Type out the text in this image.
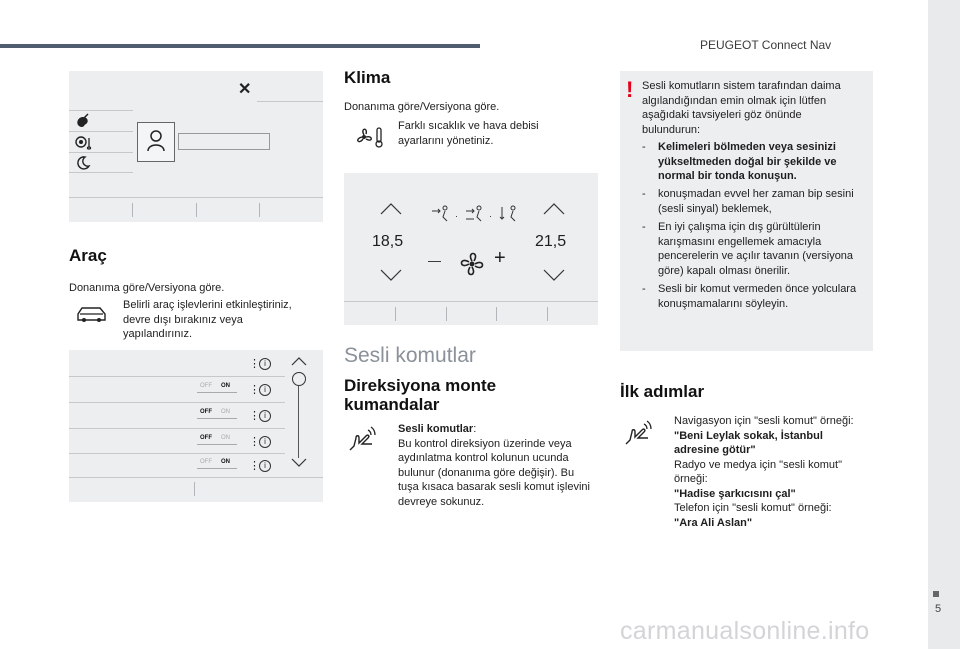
PEUGEOT Connect Nav
5
✕
Araç
Donanıma göre/Versiyona göre.
Belirli araç işlevlerini etkinleştiriniz, devre dışı bırakınız veya yapılandırınız.
⋮ i
OFF ON ⋮ i
OFF ON ⋮ i
OFF ON ⋮ i
OFF ON ⋮ i
Klima
Donanıma göre/Versiyona göre.
Farklı sıcaklık ve hava debisi ayarlarını yönetiniz.
18,5	21,5
·	·
—	+
Sesli komutlar
Direksiyona monte
kumandalar
Sesli komutlar:
Bu kontrol direksiyon üzerinde veya aydınlatma kontrol kolunun ucunda bulunur (donanıma göre değişir). Bu tuşa kısaca basarak sesli komut işlevini devreye sokunuz.
! Sesli komutların sistem tarafından daima algılandığından emin olmak için lütfen aşağıdaki tavsiyeleri göz önünde bulundurun:
- Kelimeleri bölmeden veya sesinizi yükseltmeden doğal bir şekilde ve normal bir tonda konuşun.
- konuşmadan evvel her zaman bip sesini (sesli sinyal) beklemek,
- En iyi çalışma için dış gürültülerin karışmasını engellemek amacıyla pencerelerin ve açılır tavanın (versiyona göre) kapalı olması önerilir.
- Sesli bir komut vermeden önce yolculara konuşmamalarını söyleyin.
İlk adımlar
Navigasyon için "sesli komut" örneği:
"Beni Leylak sokak, İstanbul adresine götür"
Radyo ve medya için "sesli komut" örneği:
"Hadise şarkıcısını çal"
Telefon için "sesli komut" örneği:
"Ara Ali Aslan"
carmanualsonline.info
